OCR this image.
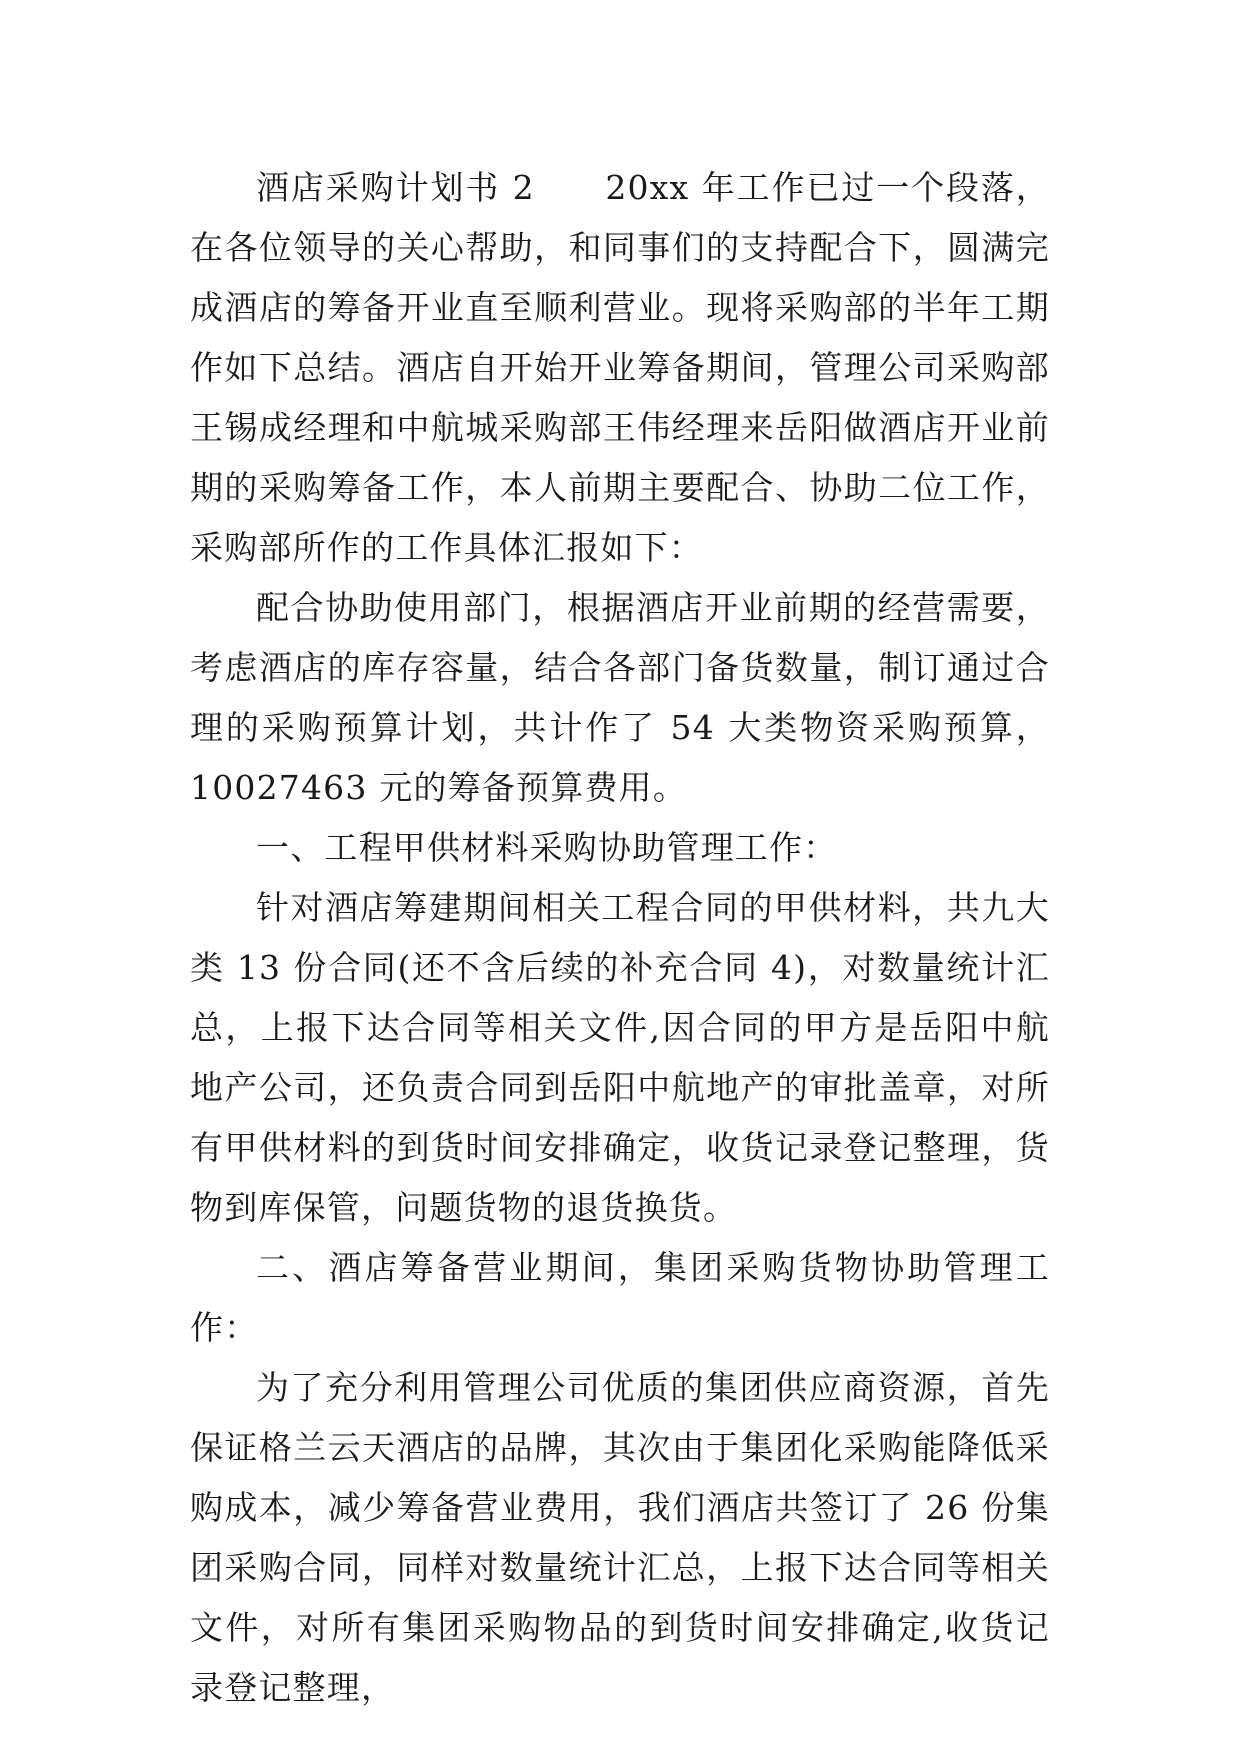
酒店采购计划书 2　　20xx 年工作已过一个段落，在各位领导的关心帮助，和同事们的支持配合下，圆满完成酒店的筹备开业直至顺利营业。现将采购部的半年工期作如下总结。酒店自开始开业筹备期间，管理公司采购部王锡成经理和中航城采购部王伟经理来岳阳做酒店开业前期的采购筹备工作，本人前期主要配合、协助二位工作，采购部所作的工作具体汇报如下：

配合协助使用部门，根据酒店开业前期的经营需要，考虑酒店的库存容量，结合各部门备货数量，制订通过合理的采购预算计划，共计作了 54 大类物资采购预算，10027463 元的筹备预算费用。

一、工程甲供材料采购协助管理工作：

针对酒店筹建期间相关工程合同的甲供材料，共九大类 13 份合同(还不含后续的补充合同 4)，对数量统计汇总，上报下达合同等相关文件,因合同的甲方是岳阳中航地产公司，还负责合同到岳阳中航地产的审批盖章，对所有甲供材料的到货时间安排确定，收货记录登记整理，货物到库保管，问题货物的退货换货。

二、酒店筹备营业期间，集团采购货物协助管理工作：

为了充分利用管理公司优质的集团供应商资源，首先保证格兰云天酒店的品牌，其次由于集团化采购能降低采购成本，减少筹备营业费用，我们酒店共签订了 26 份集团采购合同，同样对数量统计汇总，上报下达合同等相关文件，对所有集团采购物品的到货时间安排确定,收货记录登记整理，
